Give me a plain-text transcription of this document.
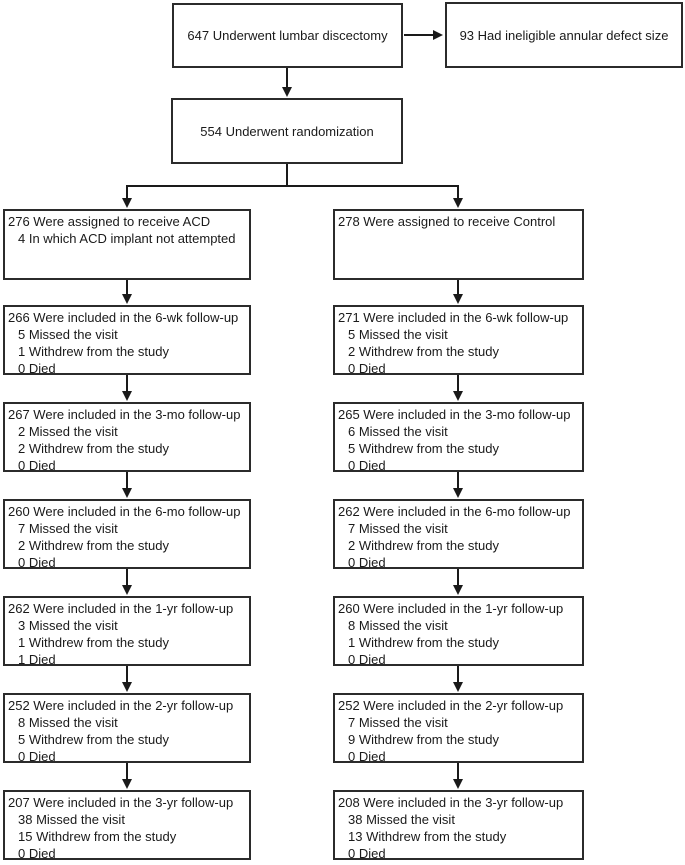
647 Underwent lumbar discectomy	93 Had ineligible annular defect size
554 Underwent randomization
276 Were assigned to receive ACD
4 In which ACD implant not attempted
266 Were included in the 6-wk follow-up
5 Missed the visit
1 Withdrew from the study
0 Died
267 Were included in the 3-mo follow-up
2 Missed the visit
2 Withdrew from the study
0 Died
260 Were included in the 6-mo follow-up
7 Missed the visit
2 Withdrew from the study
0 Died
262 Were included in the 1-yr follow-up
3 Missed the visit
1 Withdrew from the study
1 Died
252 Were included in the 2-yr follow-up
8 Missed the visit
5 Withdrew from the study
0 Died
207 Were included in the 3-yr follow-up
38 Missed the visit
15 Withdrew from the study
0 Died
278 Were assigned to receive Control
271 Were included in the 6-wk follow-up
5 Missed the visit
2 Withdrew from the study
0 Died
265 Were included in the 3-mo follow-up
6 Missed the visit
5 Withdrew from the study
0 Died
262 Were included in the 6-mo follow-up
7 Missed the visit
2 Withdrew from the study
0 Died
260 Were included in the 1-yr follow-up
8 Missed the visit
1 Withdrew from the study
0 Died
252 Were included in the 2-yr follow-up
7 Missed the visit
9 Withdrew from the study
0 Died
208 Were included in the 3-yr follow-up
38 Missed the visit
13 Withdrew from the study
0 Died
